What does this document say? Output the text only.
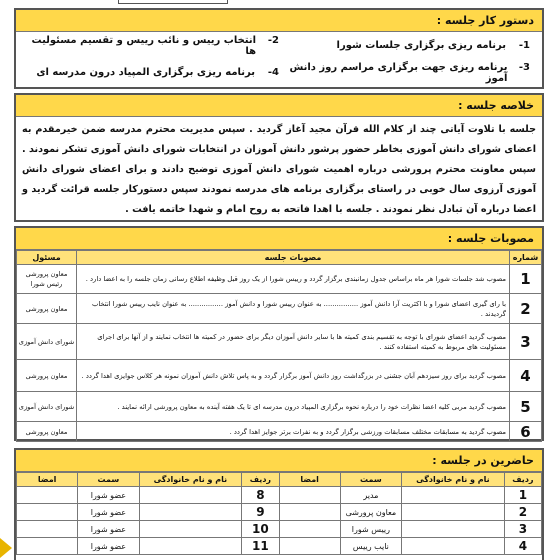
دستور کار جلسه :
1-
برنامه ریزی برگزاری جلسات شورا
2-
انتخاب رییس و نائب رییس و تقسیم مسئولیت ها
3-
برنامه ریزی جهت برگزاری مراسم روز دانش آموز
4-
برنامه ریزی برگزاری المپیاد درون مدرسه ای
خلاصه جلسه :

جلسه با تلاوت آیاتی چند از کلام الله قرآن مجید آغاز گردید . سپس مدیریت محترم مدرسه ضمن خیرمقدم به اعضای شورای دانش آموزی بخاطر حضور پرشور دانش آموزان در انتخابات شورای دانش آموزی تشکر نمودند . سپس معاونت محترم پرورشی درباره اهمیت شورای دانش آموزی توضیح دادند و برای اعضای شورای دانش آموزی آرزوی سال خوبی در راستای برگزاری برنامه های مدرسه نمودند سپس دستورکار جلسه قرائت گردید و اعضا درباره آن تبادل نظر نمودند . جلسه با اهدا فاتحه به روح امام و شهدا خاتمه یافت .

مصوبات جلسه :
شماره	مصوبات جلسه	مسئول
1	مصوب شد جلسات شورا هر ماه براساس جدول زمانبندی برگزار گردد و رییس شورا از یک روز قبل وظیفه اطلاع رسانی زمان جلسه را به اعضا دارد .	معاون پرورشی رئیس شورا
2	با رای گیری اعضای شورا و با اکثریت آرا دانش آموز ................ به عنوان رییس شورا و دانش آموز ................ به عنوان نایب رییس شورا انتخاب گردیدند .	معاون پرورشی
3	مصوب گردید اعضای شورای با توجه به تقسیم بندی کمیته ها با سایر دانش آموزان دیگر برای حضور در کمیته ها انتخاب نمایند و از آنها برای اجرای مسئولیت های مربوط به کمیته استفاده کنند .	شورای دانش آموزی
4	مصوب گردید برای روز سیزدهم آبان جشنی در بزرگداشت روز دانش آموز برگزار گردد و به پاس تلاش دانش آموزان نمونه هر کلاس جوایزی اهدا گردد .	معاون پرورشی
5	مصوب گردید مربی کلیه اعضا نظرات خود را درباره نحوه برگزاری المپیاد درون مدرسه ای تا یک هفته آینده به معاون پرورشی ارائه نمایند .	شورای دانش آموزی
6	مصوب گردید به مسابقات مختلف مسابقات ورزشی برگزار گردد و به نفرات برتر جوایز اهدا گردد .	معاون پرورشی
حاضرین در جلسه :
ردیف	نام و نام خانوادگی	سمت	امضا	ردیف	نام و نام خانوادگی	سمت	امضا
1		مدیر		8		عضو شورا	
2		معاون پرورشی		9		عضو شورا	
3		رییس شورا		10		عضو شورا	
4		نایب رییس		11		عضو شورا	
